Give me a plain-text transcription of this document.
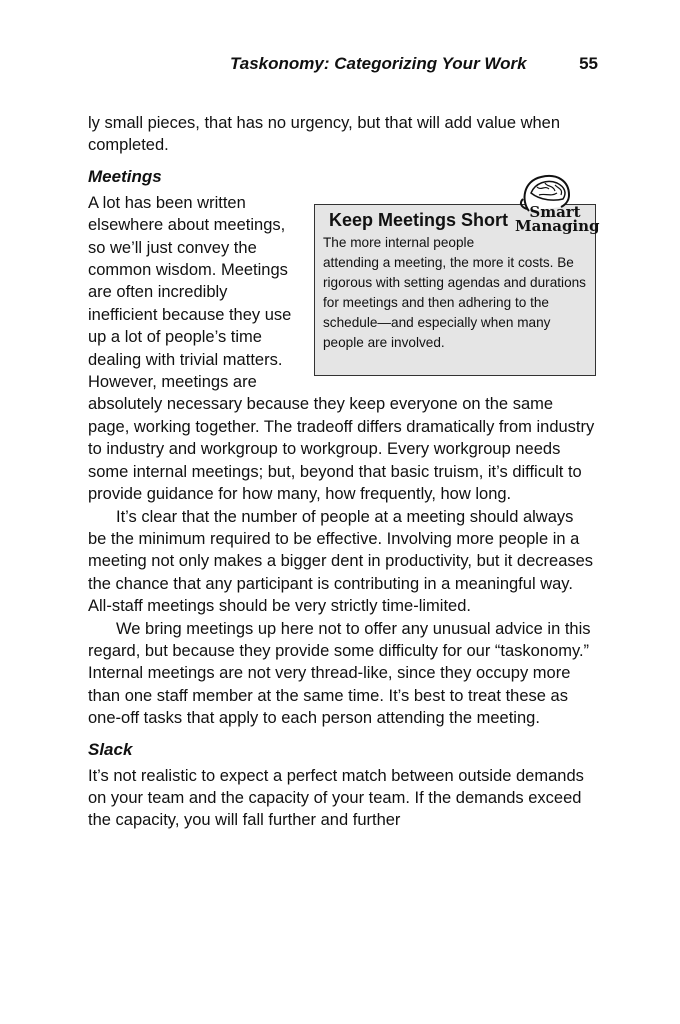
Taskonomy: Categorizing Your Work	55

ly small pieces, that has no urgency, but that will add value when completed.

Meetings
Smart
Managing
Keep Meetings Short
The more internal people attending a meeting, the more it costs. Be rigorous with setting agendas and durations for meetings and then adhering to the schedule—and especially when many people are involved.

A lot has been written elsewhere about meetings, so we’ll just convey the common wisdom. Meetings are often incredibly inefficient because they use up a lot of people’s time dealing with trivial matters. However, meetings are absolutely necessary because they keep everyone on the same page, working together. The tradeoff differs dramatically from industry to industry and workgroup to workgroup. Every workgroup needs some internal meetings; but, beyond that basic truism, it’s difficult to provide guidance for how many, how frequently, how long.

It’s clear that the number of people at a meeting should always be the minimum required to be effective. Involving more people in a meeting not only makes a bigger dent in productivity, but it decreases the chance that any participant is contributing in a meaningful way. All-staff meetings should be very strictly time-limited.

We bring meetings up here not to offer any unusual advice in this regard, but because they provide some difficulty for our “taskonomy.” Internal meetings are not very thread-like, since they occupy more than one staff member at the same time. It’s best to treat these as one-off tasks that apply to each person attending the meeting.

Slack

It’s not realistic to expect a perfect match between outside demands on your team and the capacity of your team. If the demands exceed the capacity, you will fall further and further
